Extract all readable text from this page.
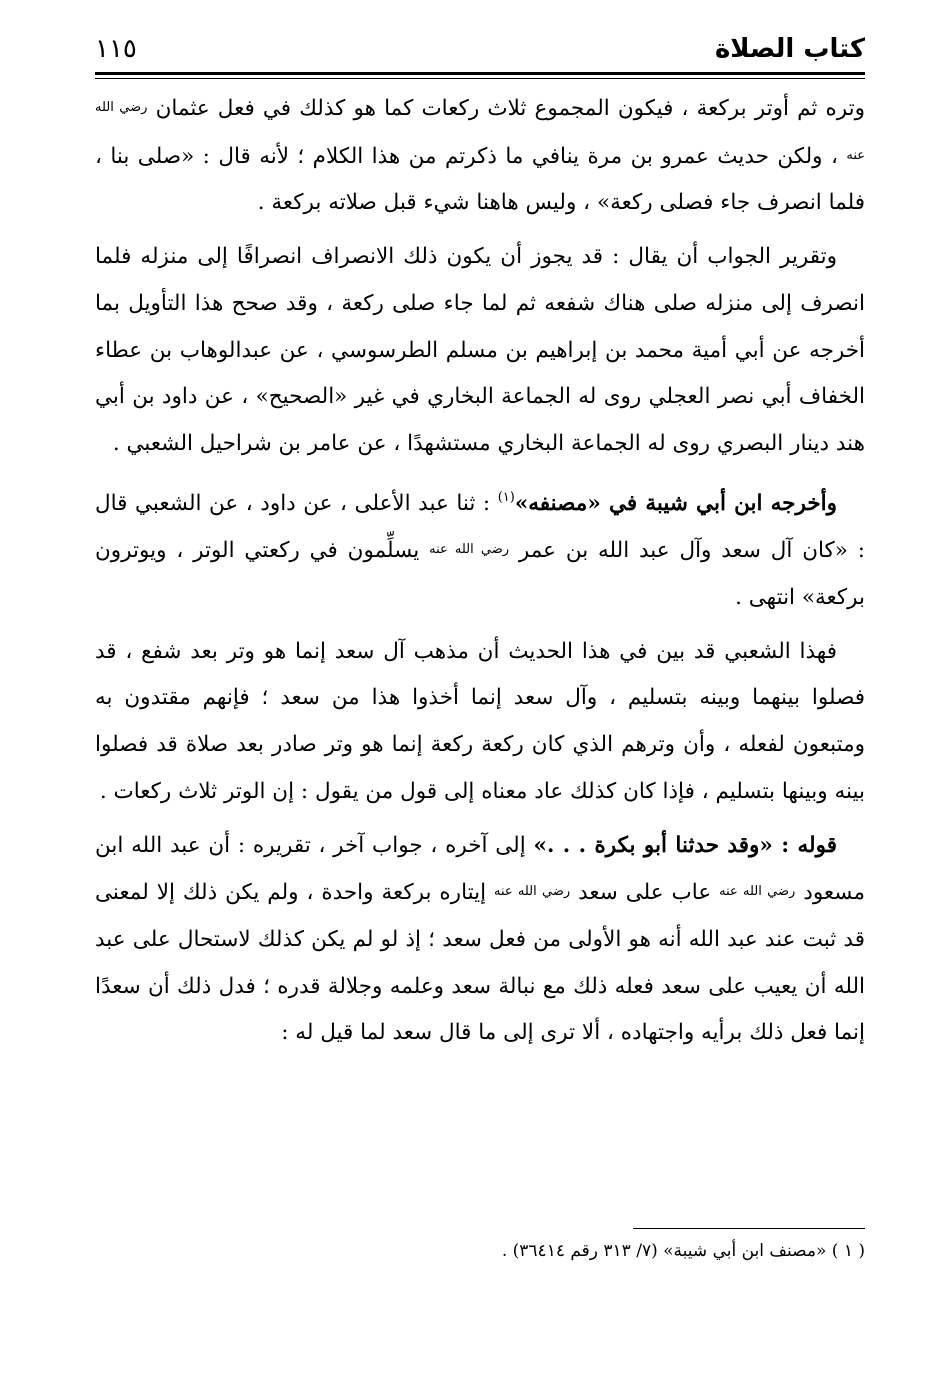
كتاب الصلاة
١١٥

وتره ثم أوتر بركعة ، فيكون المجموع ثلاث ركعات كما هو كذلك في فعل عثمان رضي الله عنه ، ولكن حديث عمرو بن مرة ينافي ما ذكرتم من هذا الكلام ؛ لأنه قال : «صلى بنا ، فلما انصرف جاء فصلى ركعة» ، وليس هاهنا شيء قبل صلاته بركعة .

وتقرير الجواب أن يقال : قد يجوز أن يكون ذلك الانصراف انصرافًا إلى منزله فلما انصرف إلى منزله صلى هناك شفعه ثم لما جاء صلى ركعة ، وقد صحح هذا التأويل بما أخرجه عن أبي أمية محمد بن إبراهيم بن مسلم الطرسوسي ، عن عبدالوهاب بن عطاء الخفاف أبي نصر العجلي روى له الجماعة البخاري في غير «الصحيح» ، عن داود بن أبي هند دينار البصري روى له الجماعة البخاري مستشهدًا ، عن عامر بن شراحيل الشعبي .

وأخرجه ابن أبي شيبة في «مصنفه»$^{(١)}$ : ثنا عبد الأعلى ، عن داود ، عن الشعبي قال : «كان آل سعد وآل عبد الله بن عمر رضي الله عنه يسلِّمون في ركعتي الوتر ، ويوترون بركعة» انتهى .

فهذا الشعبي قد بين في هذا الحديث أن مذهب آل سعد إنما هو وتر بعد شفع ، قد فصلوا بينهما وبينه بتسليم ، وآل سعد إنما أخذوا هذا من سعد ؛ فإنهم مقتدون به ومتبعون لفعله ، وأن وترهم الذي كان ركعة ركعة إنما هو وتر صادر بعد صلاة قد فصلوا بينه وبينها بتسليم ، فإذا كان كذلك عاد معناه إلى قول من يقول : إن الوتر ثلاث ركعات .

قوله : «وقد حدثنا أبو بكرة . . .» إلى آخره ، جواب آخر ، تقريره : أن عبد الله ابن مسعود رضي الله عنه عاب على سعد رضي الله عنه إيتاره بركعة واحدة ، ولم يكن ذلك إلا لمعنى قد ثبت عند عبد الله أنه هو الأولى من فعل سعد ؛ إذ لو لم يكن كذلك لاستحال على عبد الله أن يعيب على سعد فعله ذلك مع نبالة سعد وعلمه وجلالة قدره ؛ فدل ذلك أن سعدًا إنما فعل ذلك برأيه واجتهاده ، ألا ترى إلى ما قال سعد لما قيل له :

( ١ ) «مصنف ابن أبي شيبة» (٧/ ٣١٣ رقم ٣٦٤١٤) .
